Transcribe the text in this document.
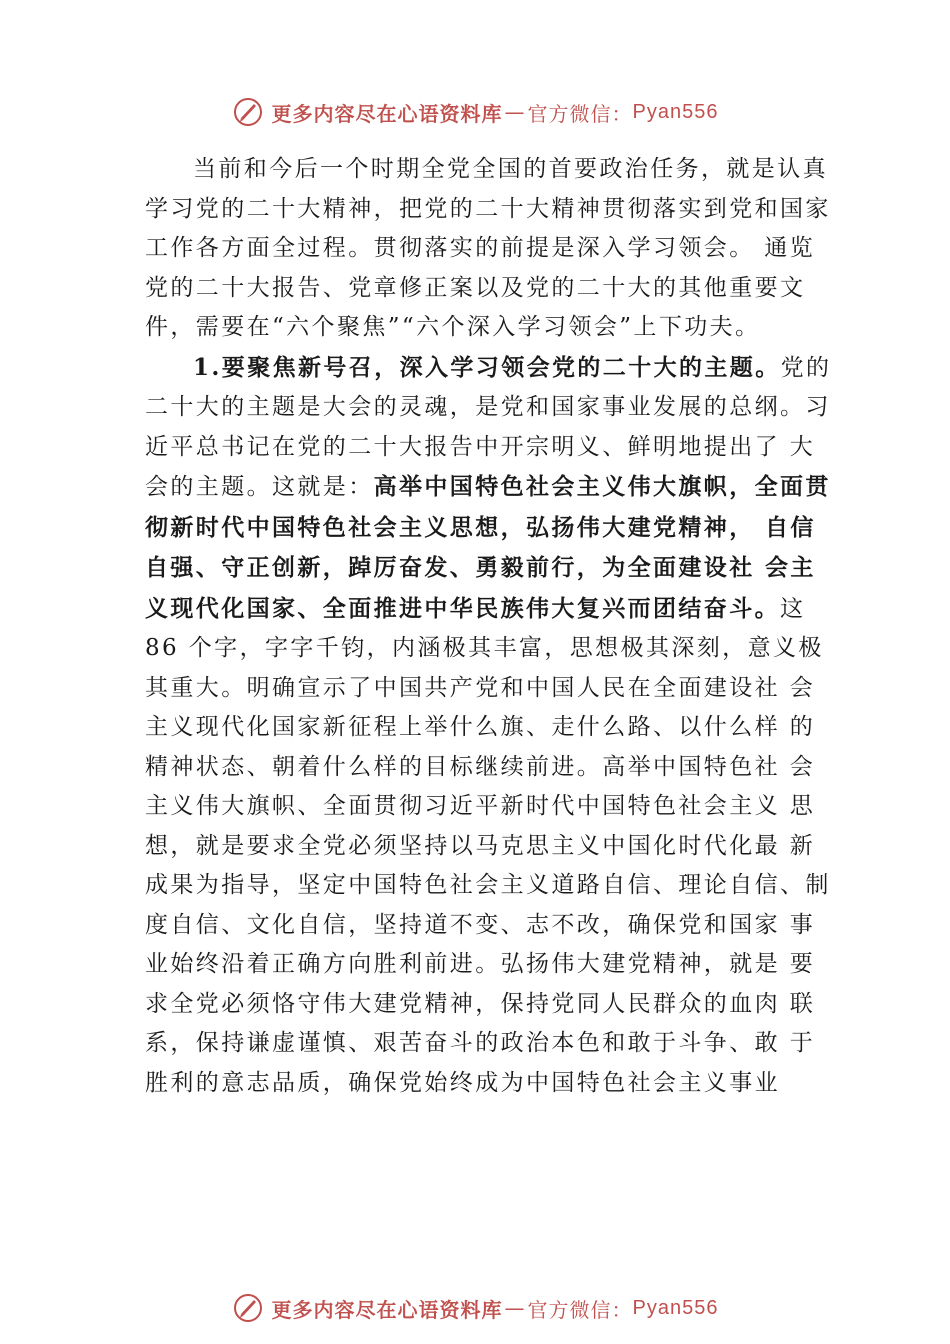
更多内容尽在心语资料库 — 官方微信： Pyan556

当前和今后一个时期全党全国的首要政治任务，就是认真学习党的二十大精神，把党的二十大精神贯彻落实到党和国家工作各方面全过程。贯彻落实的前提是深入学习领会。 通览党的二十大报告、党章修正案以及党的二十大的其他重要文件，需要在“六个聚焦”“六个深入学习领会”上下功夫。

1.要聚焦新号召，深入学习领会党的二十大的主题。党的二十大的主题是大会的灵魂，是党和国家事业发展的总纲。习近平总书记在党的二十大报告中开宗明义、鲜明地提出了 大会的主题。这就是：高举中国特色社会主义伟大旗帜，全面贯彻新时代中国特色社会主义思想，弘扬伟大建党精神， 自信自强、守正创新，踔厉奋发、勇毅前行，为全面建设社 会主义现代化国家、全面推进中华民族伟大复兴而团结奋斗。这 86 个字，字字千钧，内涵极其丰富，思想极其深刻，意义极其重大。明确宣示了中国共产党和中国人民在全面建设社 会主义现代化国家新征程上举什么旗、走什么路、以什么样 的精神状态、朝着什么样的目标继续前进。高举中国特色社 会主义伟大旗帜、全面贯彻习近平新时代中国特色社会主义 思想，就是要求全党必须坚持以马克思主义中国化时代化最 新成果为指导，坚定中国特色社会主义道路自信、理论自信、制度自信、文化自信，坚持道不变、志不改，确保党和国家 事业始终沿着正确方向胜利前进。弘扬伟大建党精神，就是 要求全党必须恪守伟大建党精神，保持党同人民群众的血肉 联系，保持谦虚谨慎、艰苦奋斗的政治本色和敢于斗争、敢 于胜利的意志品质，确保党始终成为中国特色社会主义事业

更多内容尽在心语资料库 — 官方微信： Pyan556
